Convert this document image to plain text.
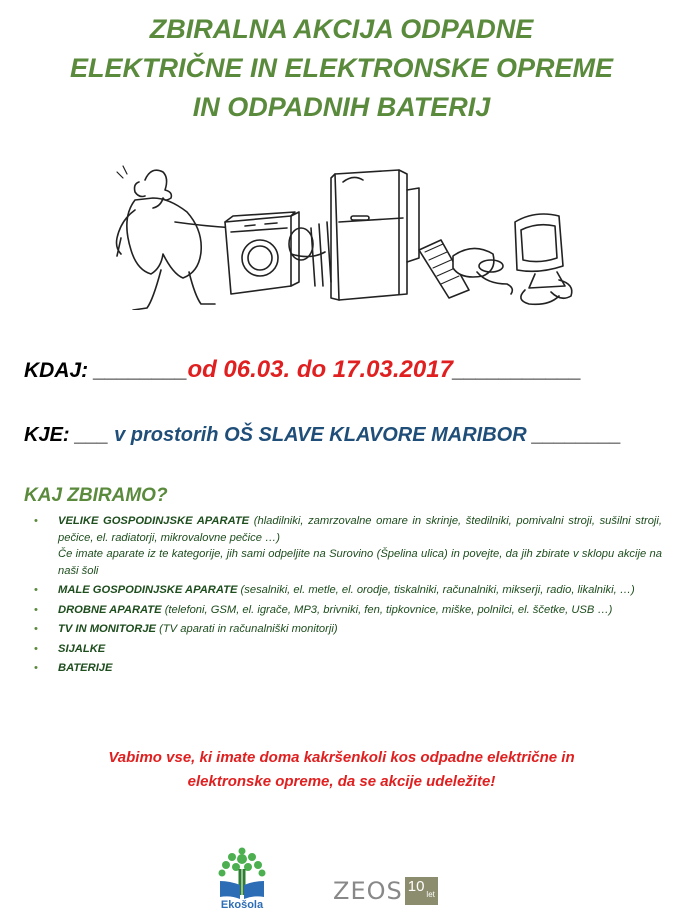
ZBIRALNA AKCIJA ODPADNE
ELEKTRIČNE IN ELEKTRONSKE OPREME
IN ODPADNIH BATERIJ
KDAJ: ________od 06.03. do 17.03.2017___________
KJE: ___ v prostorih OŠ SLAVE KLAVORE MARIBOR ________
KAJ ZBIRAMO?
• VELIKE GOSPODINJSKE APARATE (hladilniki, zamrzovalne omare in skrinje, štedilniki, pomivalni stroji, sušilni stroji, pečice, el. radiatorji, mikrovalovne pečice …)
Če imate aparate iz te kategorije, jih sami odpeljite na Surovino (Špelina ulica) in povejte, da jih zbirate v sklopu akcije na naši šoli
• MALE GOSPODINJSKE APARATE (sesalniki, el. metle, el. orodje, tiskalniki, računalniki, mikserji, radio, likalniki, …)
• DROBNE APARATE (telefoni, GSM, el. igrače, MP3, brivniki, fen, tipkovnice, miške, polnilci, el. ščetke, USB …)
• TV IN MONITORJE (TV aparati in računalniški monitorji)
• SIJALKE
• BATERIJE
Vabimo vse, ki imate doma kakršenkoli kos odpadne električne in
elektronske opreme, da se akcije udeležite!
Ekošola	ZEOS 10 let
